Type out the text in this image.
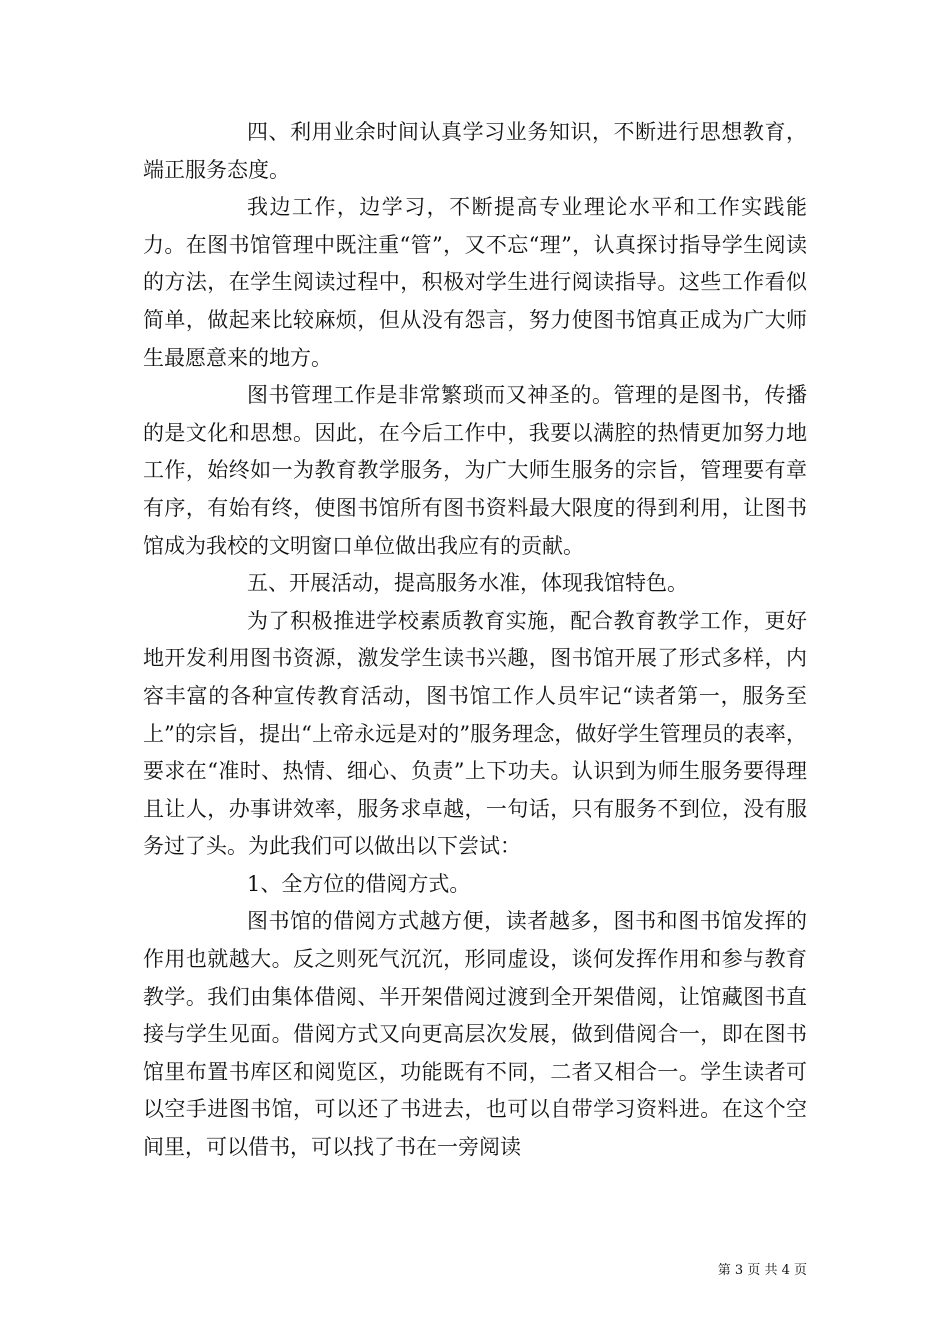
四、利用业余时间认真学习业务知识，不断进行思想教育，端正服务态度。

我边工作，边学习，不断提高专业理论水平和工作实践能力。在图书馆管理中既注重“管”，又不忘“理”，认真探讨指导学生阅读的方法，在学生阅读过程中，积极对学生进行阅读指导。这些工作看似简单，做起来比较麻烦，但从没有怨言，努力使图书馆真正成为广大师生最愿意来的地方。

图书管理工作是非常繁琐而又神圣的。管理的是图书，传播的是文化和思想。因此，在今后工作中，我要以满腔的热情更加努力地工作，始终如一为教育教学服务，为广大师生服务的宗旨，管理要有章有序，有始有终，使图书馆所有图书资料最大限度的得到利用，让图书馆成为我校的文明窗口单位做出我应有的贡献。

五、开展活动，提高服务水准，体现我馆特色。

为了积极推进学校素质教育实施，配合教育教学工作，更好地开发利用图书资源，激发学生读书兴趣，图书馆开展了形式多样，内容丰富的各种宣传教育活动，图书馆工作人员牢记“读者第一，服务至上”的宗旨，提出“上帝永远是对的”服务理念，做好学生管理员的表率，要求在“准时、热情、细心、负责”上下功夫。认识到为师生服务要得理且让人，办事讲效率，服务求卓越，一句话，只有服务不到位，没有服务过了头。为此我们可以做出以下尝试：

1、全方位的借阅方式。

图书馆的借阅方式越方便，读者越多，图书和图书馆发挥的作用也就越大。反之则死气沉沉，形同虚设，谈何发挥作用和参与教育教学。我们由集体借阅、半开架借阅过渡到全开架借阅，让馆藏图书直接与学生见面。借阅方式又向更高层次发展，做到借阅合一，即在图书馆里布置书库区和阅览区，功能既有不同，二者又相合一。学生读者可以空手进图书馆，可以还了书进去，也可以自带学习资料进。在这个空间里，可以借书，可以找了书在一旁阅读

第 3 页 共 4 页
